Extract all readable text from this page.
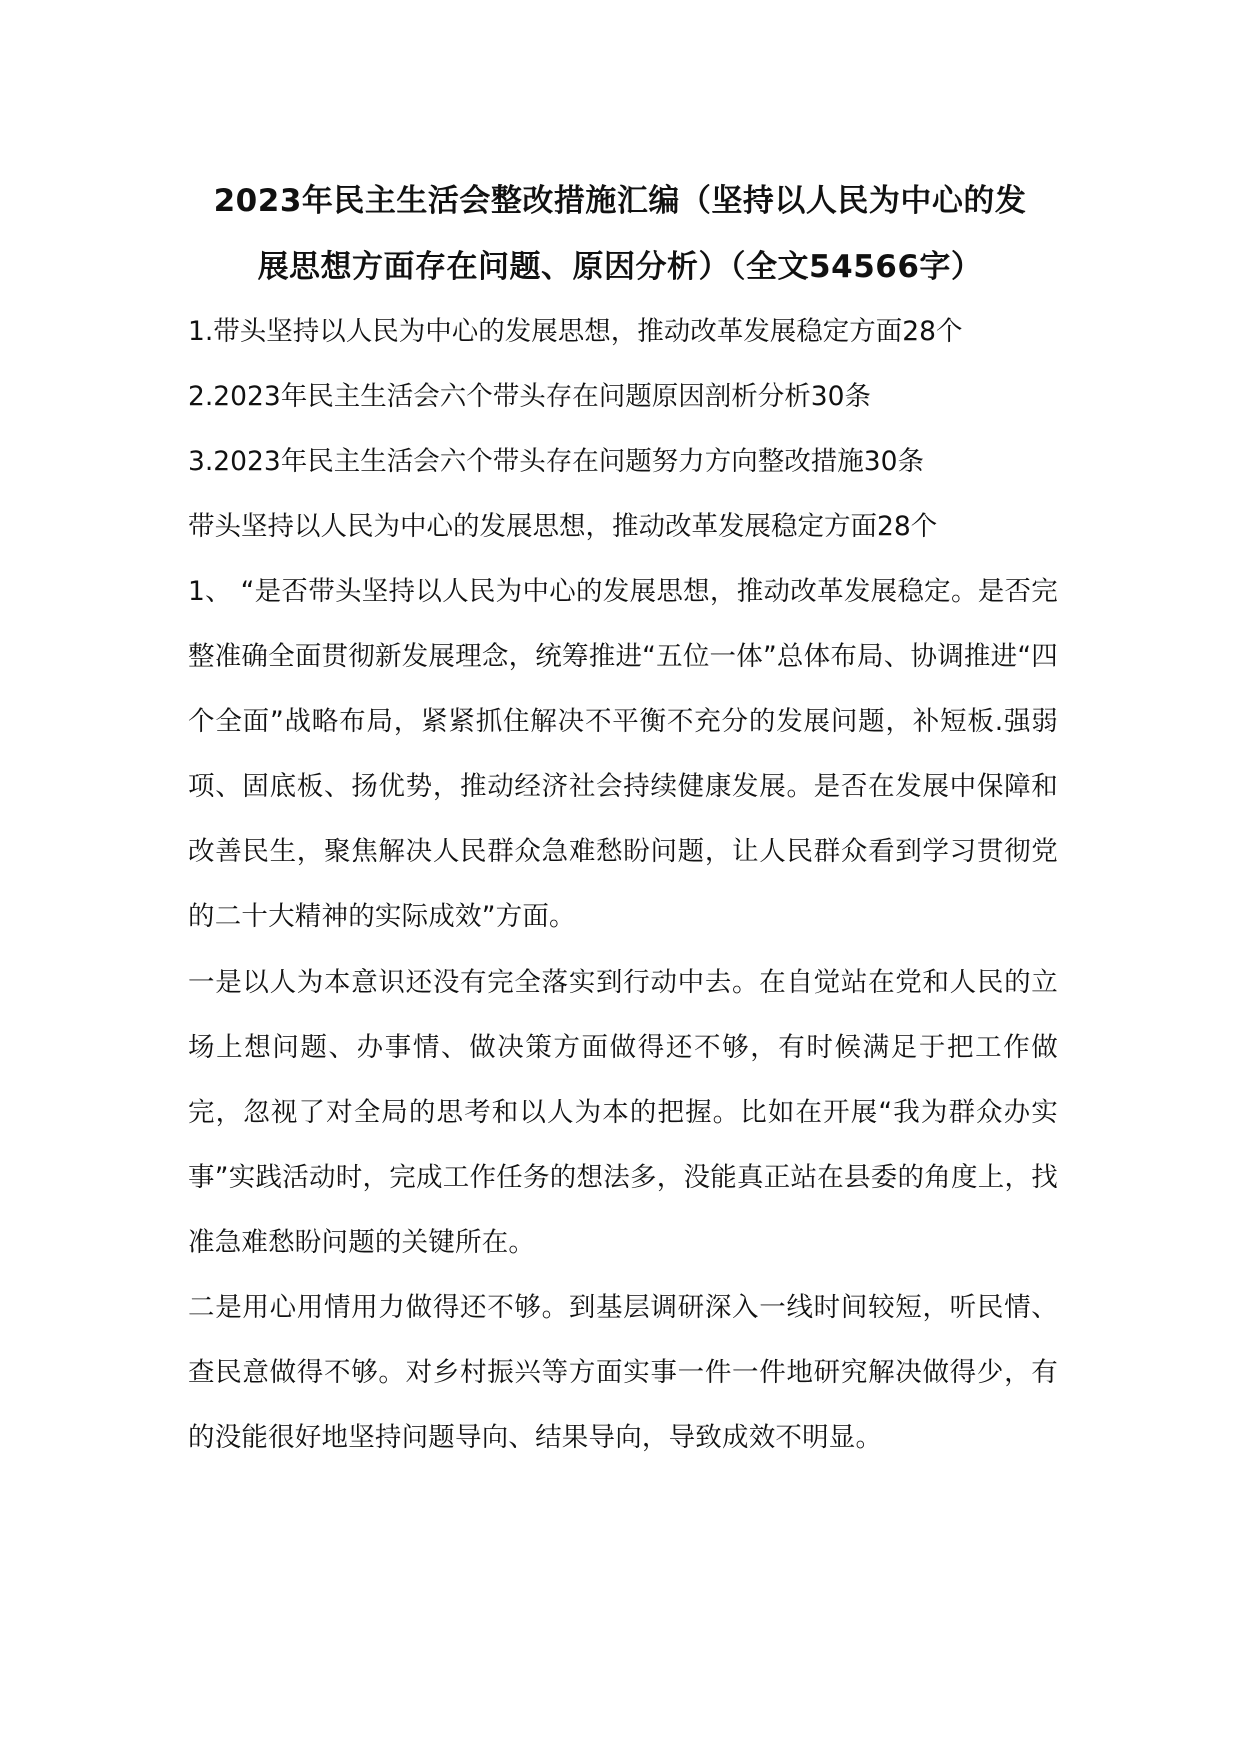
2023年民主生活会整改措施汇编（坚持以人民为中心的发
展思想方面存在问题、原因分析）（全文54566字）
1.带头坚持以人民为中心的发展思想，推动改革发展稳定方面28个
2.2023年民主生活会六个带头存在问题原因剖析分析30条
3.2023年民主生活会六个带头存在问题努力方向整改措施30条
带头坚持以人民为中心的发展思想，推动改革发展稳定方面28个

1、 “是否带头坚持以人民为中心的发展思想，推动改革发展稳定。是否完整准确全面贯彻新发展理念，统筹推进“五位一体”总体布局、协调推进“四个全面”战略布局，紧紧抓住解决不平衡不充分的发展问题，补短板.强弱项、固底板、扬优势，推动经济社会持续健康发展。是否在发展中保障和改善民生，聚焦解决人民群众急难愁盼问题，让人民群众看到学习贯彻党的二十大精神的实际成效”方面。

一是以人为本意识还没有完全落实到行动中去。在自觉站在党和人民的立场上想问题、办事情、做决策方面做得还不够，有时候满足于把工作做完，忽视了对全局的思考和以人为本的把握。比如在开展“我为群众办实事”实践活动时，完成工作任务的想法多，没能真正站在县委的角度上，找准急难愁盼问题的关键所在。

二是用心用情用力做得还不够。到基层调研深入一线时间较短，听民情、查民意做得不够。对乡村振兴等方面实事一件一件地研究解决做得少，有的没能很好地坚持问题导向、结果导向，导致成效不明显。
